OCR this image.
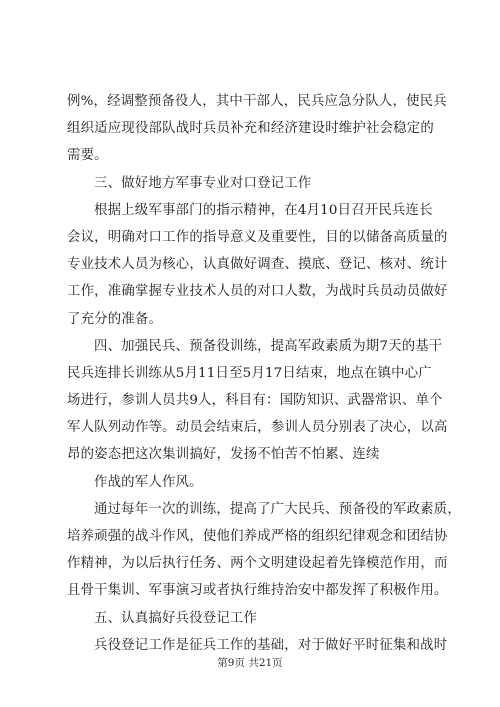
例%，经调整预备役人，其中干部人，民兵应急分队人，使民兵
组织适应现役部队战时兵员补充和经济建设时维护社会稳定的
需要。
三、做好地方军事专业对口登记工作
根据上级军事部门的指示精神，在4月10日召开民兵连长
会议，明确对口工作的指导意义及重要性，目的以储备高质量的
专业技术人员为核心，认真做好调查、摸底、登记、核对、统计
工作，准确掌握专业技术人员的对口人数，为战时兵员动员做好
了充分的准备。
四、加强民兵、预备役训练，提高军政素质为期7天的基干
民兵连排长训练从5月11日至5月17日结束，地点在镇中心广
场进行，参训人员共9人，科目有：国防知识、武器常识、单个
军人队列动作等。动员会结束后，参训人员分别表了决心，以高
昂的姿态把这次集训搞好，发扬不怕苦不怕累、连续
作战的军人作风。
通过每年一次的训练，提高了广大民兵、预备役的军政素质，
培养顽强的战斗作风，使他们养成严格的组织纪律观念和团结协
作精神，为以后执行任务、两个文明建设起着先锋模范作用，而
且骨干集训、军事演习或者执行维持治安中都发挥了积极作用。
五、认真搞好兵役登记工作
兵役登记工作是征兵工作的基础，对于做好平时征集和战时
第9页 共21页
